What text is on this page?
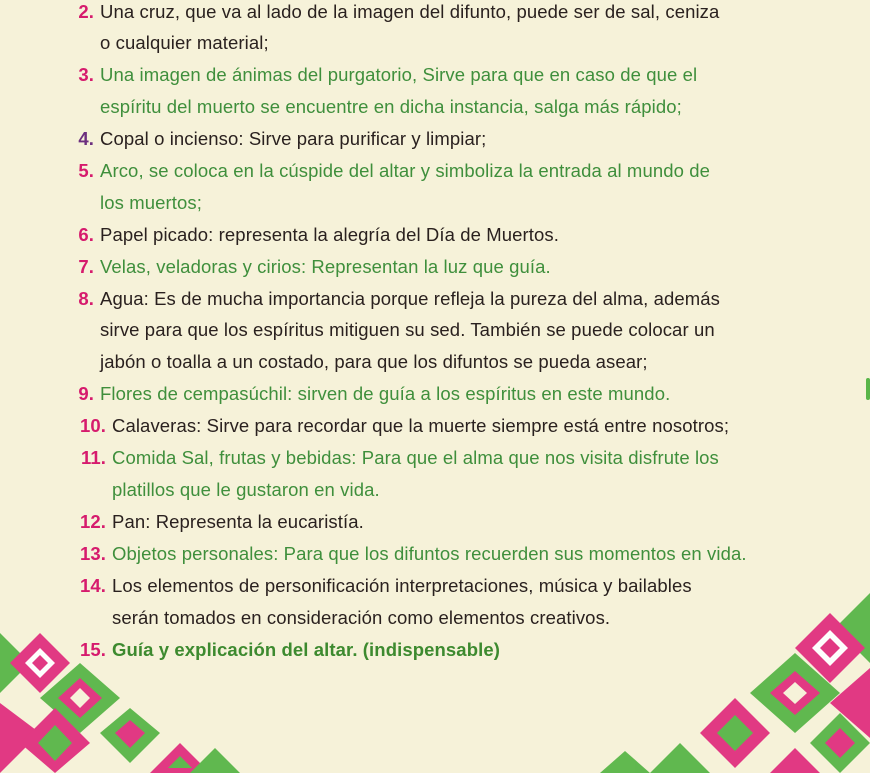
2. Una cruz, que va al lado de la imagen del difunto, puede ser de sal, ceniza
o cualquier material;
3. Una imagen de ánimas del purgatorio, Sirve para que en caso de que el
espíritu del muerto se encuentre en dicha instancia, salga más rápido;
4. Copal o incienso: Sirve para purificar y limpiar;
5. Arco, se coloca en la cúspide del altar y simboliza la entrada al mundo de
los muertos;
6. Papel picado: representa la alegría del Día de Muertos.
7. Velas, veladoras y cirios: Representan la luz que guía.
8. Agua: Es de mucha importancia porque refleja la pureza del alma, además
sirve para que los espíritus mitiguen su sed. También se puede colocar un
jabón o toalla a un costado, para que los difuntos se pueda asear;
9. Flores de cempasúchil: sirven de guía a los espíritus en este mundo.
10. Calaveras: Sirve para recordar que la muerte siempre está entre nosotros;
11. Comida Sal, frutas y bebidas: Para que el alma que nos visita disfrute los
platillos que le gustaron en vida.
12. Pan: Representa la eucaristía.
13. Objetos personales: Para que los difuntos recuerden sus momentos en vida.
14. Los elementos de personificación interpretaciones, música y bailables
serán tomados en consideración como elementos creativos.
15. Guía y explicación del altar. (indispensable)
